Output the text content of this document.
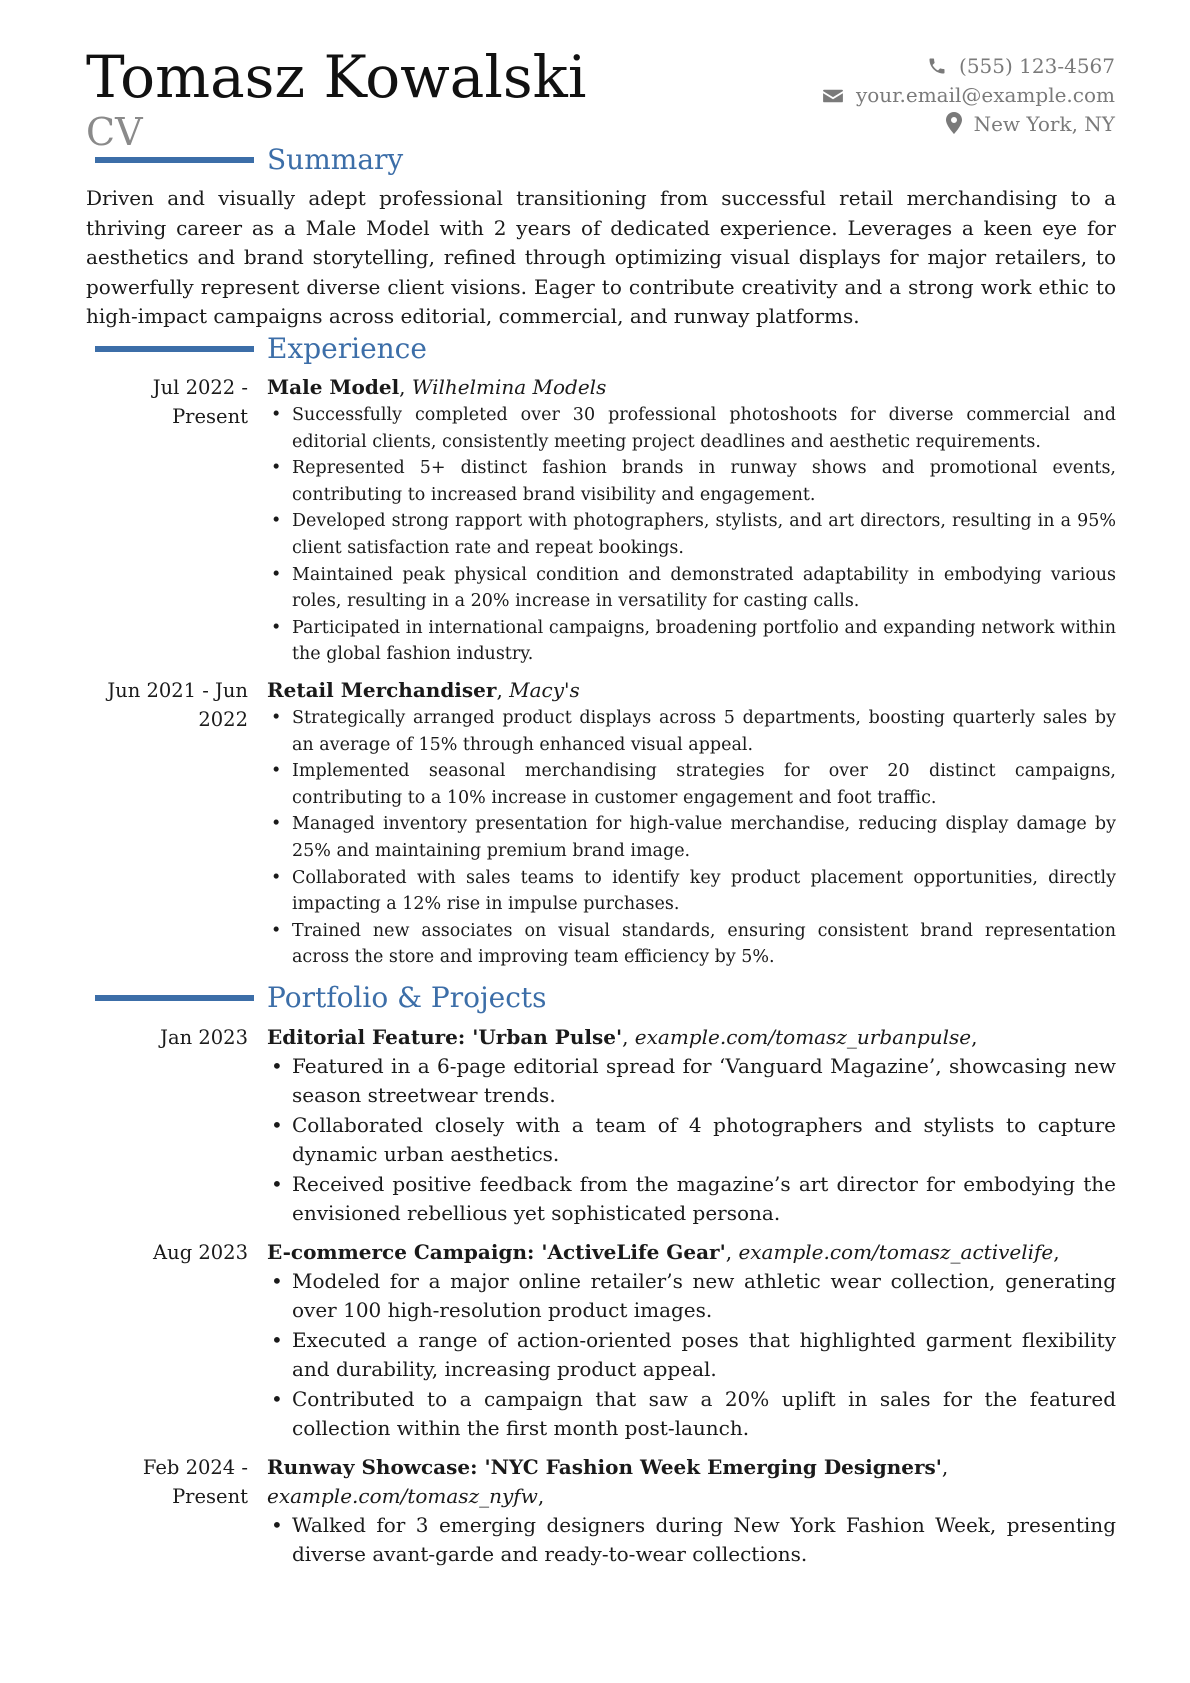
Tomasz Kowalski
CV
(555) 123-4567
your.email@example.com
New York, NY
Summary

Driven and visually adept professional transitioning from successful retail merchandising to a thriving career as a Male Model with 2 years of dedicated experience. Leverages a keen eye for aesthetics and brand storytelling, refined through optimizing visual displays for major retailers, to powerfully represent diverse client visions. Eager to contribute creativity and a strong work ethic to high-impact campaigns across editorial, commercial, and runway platforms.

Experience
Jul 2022 - Present
Male Model, Wilhelmina Models
• Successfully completed over 30 professional photoshoots for diverse commercial and editorial clients, consistently meeting project deadlines and aesthetic requirements.
• Represented 5+ distinct fashion brands in runway shows and promotional events, contributing to increased brand visibility and engagement.
• Developed strong rapport with photographers, stylists, and art directors, resulting in a 95% client satisfaction rate and repeat bookings.
• Maintained peak physical condition and demonstrated adaptability in embodying various roles, resulting in a 20% increase in versatility for casting calls.
• Participated in international campaigns, broadening portfolio and expanding network within the global fashion industry.
Jun 2021 - Jun 2022
Retail Merchandiser, Macy's
• Strategically arranged product displays across 5 departments, boosting quarterly sales by an average of 15% through enhanced visual appeal.
• Implemented seasonal merchandising strategies for over 20 distinct campaigns, contributing to a 10% increase in customer engagement and foot traffic.
• Managed inventory presentation for high-value merchandise, reducing display damage by 25% and maintaining premium brand image.
• Collaborated with sales teams to identify key product placement opportunities, directly impacting a 12% rise in impulse purchases.
• Trained new associates on visual standards, ensuring consistent brand representation across the store and improving team efficiency by 5%.
Portfolio & Projects
Jan 2023 Editorial Feature: 'Urban Pulse', example.com/tomasz_urbanpulse,
• Featured in a 6-page editorial spread for ‘Vanguard Magazine’, showcasing new season streetwear trends.
• Collaborated closely with a team of 4 photographers and stylists to capture dynamic urban aesthetics.
• Received positive feedback from the magazine’s art director for embodying the envisioned rebellious yet sophisticated persona.
Aug 2023 E-commerce Campaign: 'ActiveLife Gear', example.com/tomasz_activelife,
• Modeled for a major online retailer’s new athletic wear collection, generating over 100 high-resolution product images.
• Executed a range of action-oriented poses that highlighted garment flexibility and durability, increasing product appeal.
• Contributed to a campaign that saw a 20% uplift in sales for the featured collection within the first month post-launch.
Feb 2024 - Present
Runway Showcase: 'NYC Fashion Week Emerging Designers', example.com/tomasz_nyfw,
• Walked for 3 emerging designers during New York Fashion Week, presenting diverse avant-garde and ready-to-wear collections.
